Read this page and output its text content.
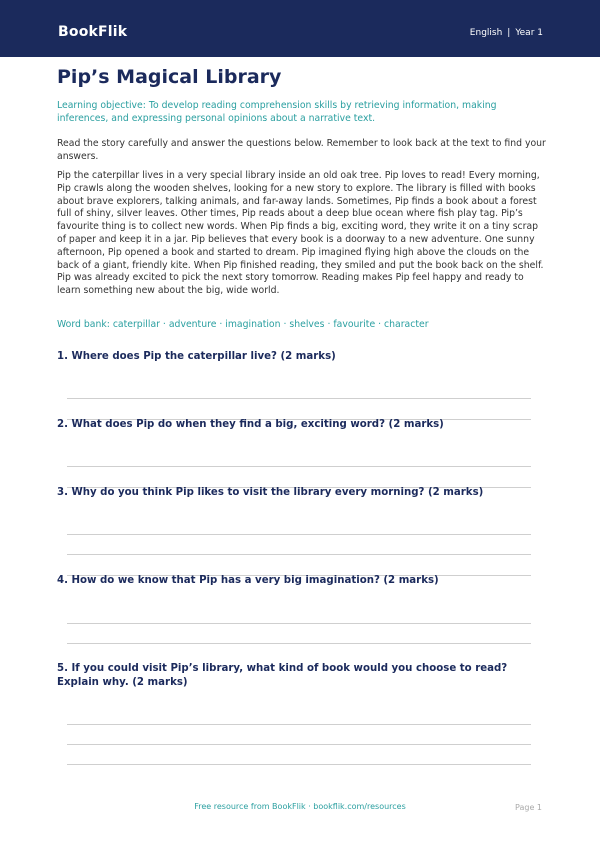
BookFlik	English | Year 1
Pip’s Magical Library
Learning objective: To develop reading comprehension skills by retrieving information, making inferences, and expressing personal opinions about a narrative text.
Read the story carefully and answer the questions below. Remember to look back at the text to find your answers.
Pip the caterpillar lives in a very special library inside an old oak tree. Pip loves to read! Every morning, Pip crawls along the wooden shelves, looking for a new story to explore. The library is filled with books about brave explorers, talking animals, and far-away lands. Sometimes, Pip finds a book about a forest full of shiny, silver leaves. Other times, Pip reads about a deep blue ocean where fish play tag. Pip’s favourite thing is to collect new words. When Pip finds a big, exciting word, they write it on a tiny scrap of paper and keep it in a jar. Pip believes that every book is a doorway to a new adventure. One sunny afternoon, Pip opened a book and started to dream. Pip imagined flying high above the clouds on the back of a giant, friendly kite. When Pip finished reading, they smiled and put the book back on the shelf. Pip was already excited to pick the next story tomorrow. Reading makes Pip feel happy and ready to learn something new about the big, wide world.
Word bank: caterpillar · adventure · imagination · shelves · favourite · character
1. Where does Pip the caterpillar live? (2 marks)
2. What does Pip do when they find a big, exciting word? (2 marks)
3. Why do you think Pip likes to visit the library every morning? (2 marks)
4. How do we know that Pip has a very big imagination? (2 marks)
5. If you could visit Pip’s library, what kind of book would you choose to read? Explain why. (2 marks)
Free resource from BookFlik · bookflik.com/resources	Page 1
